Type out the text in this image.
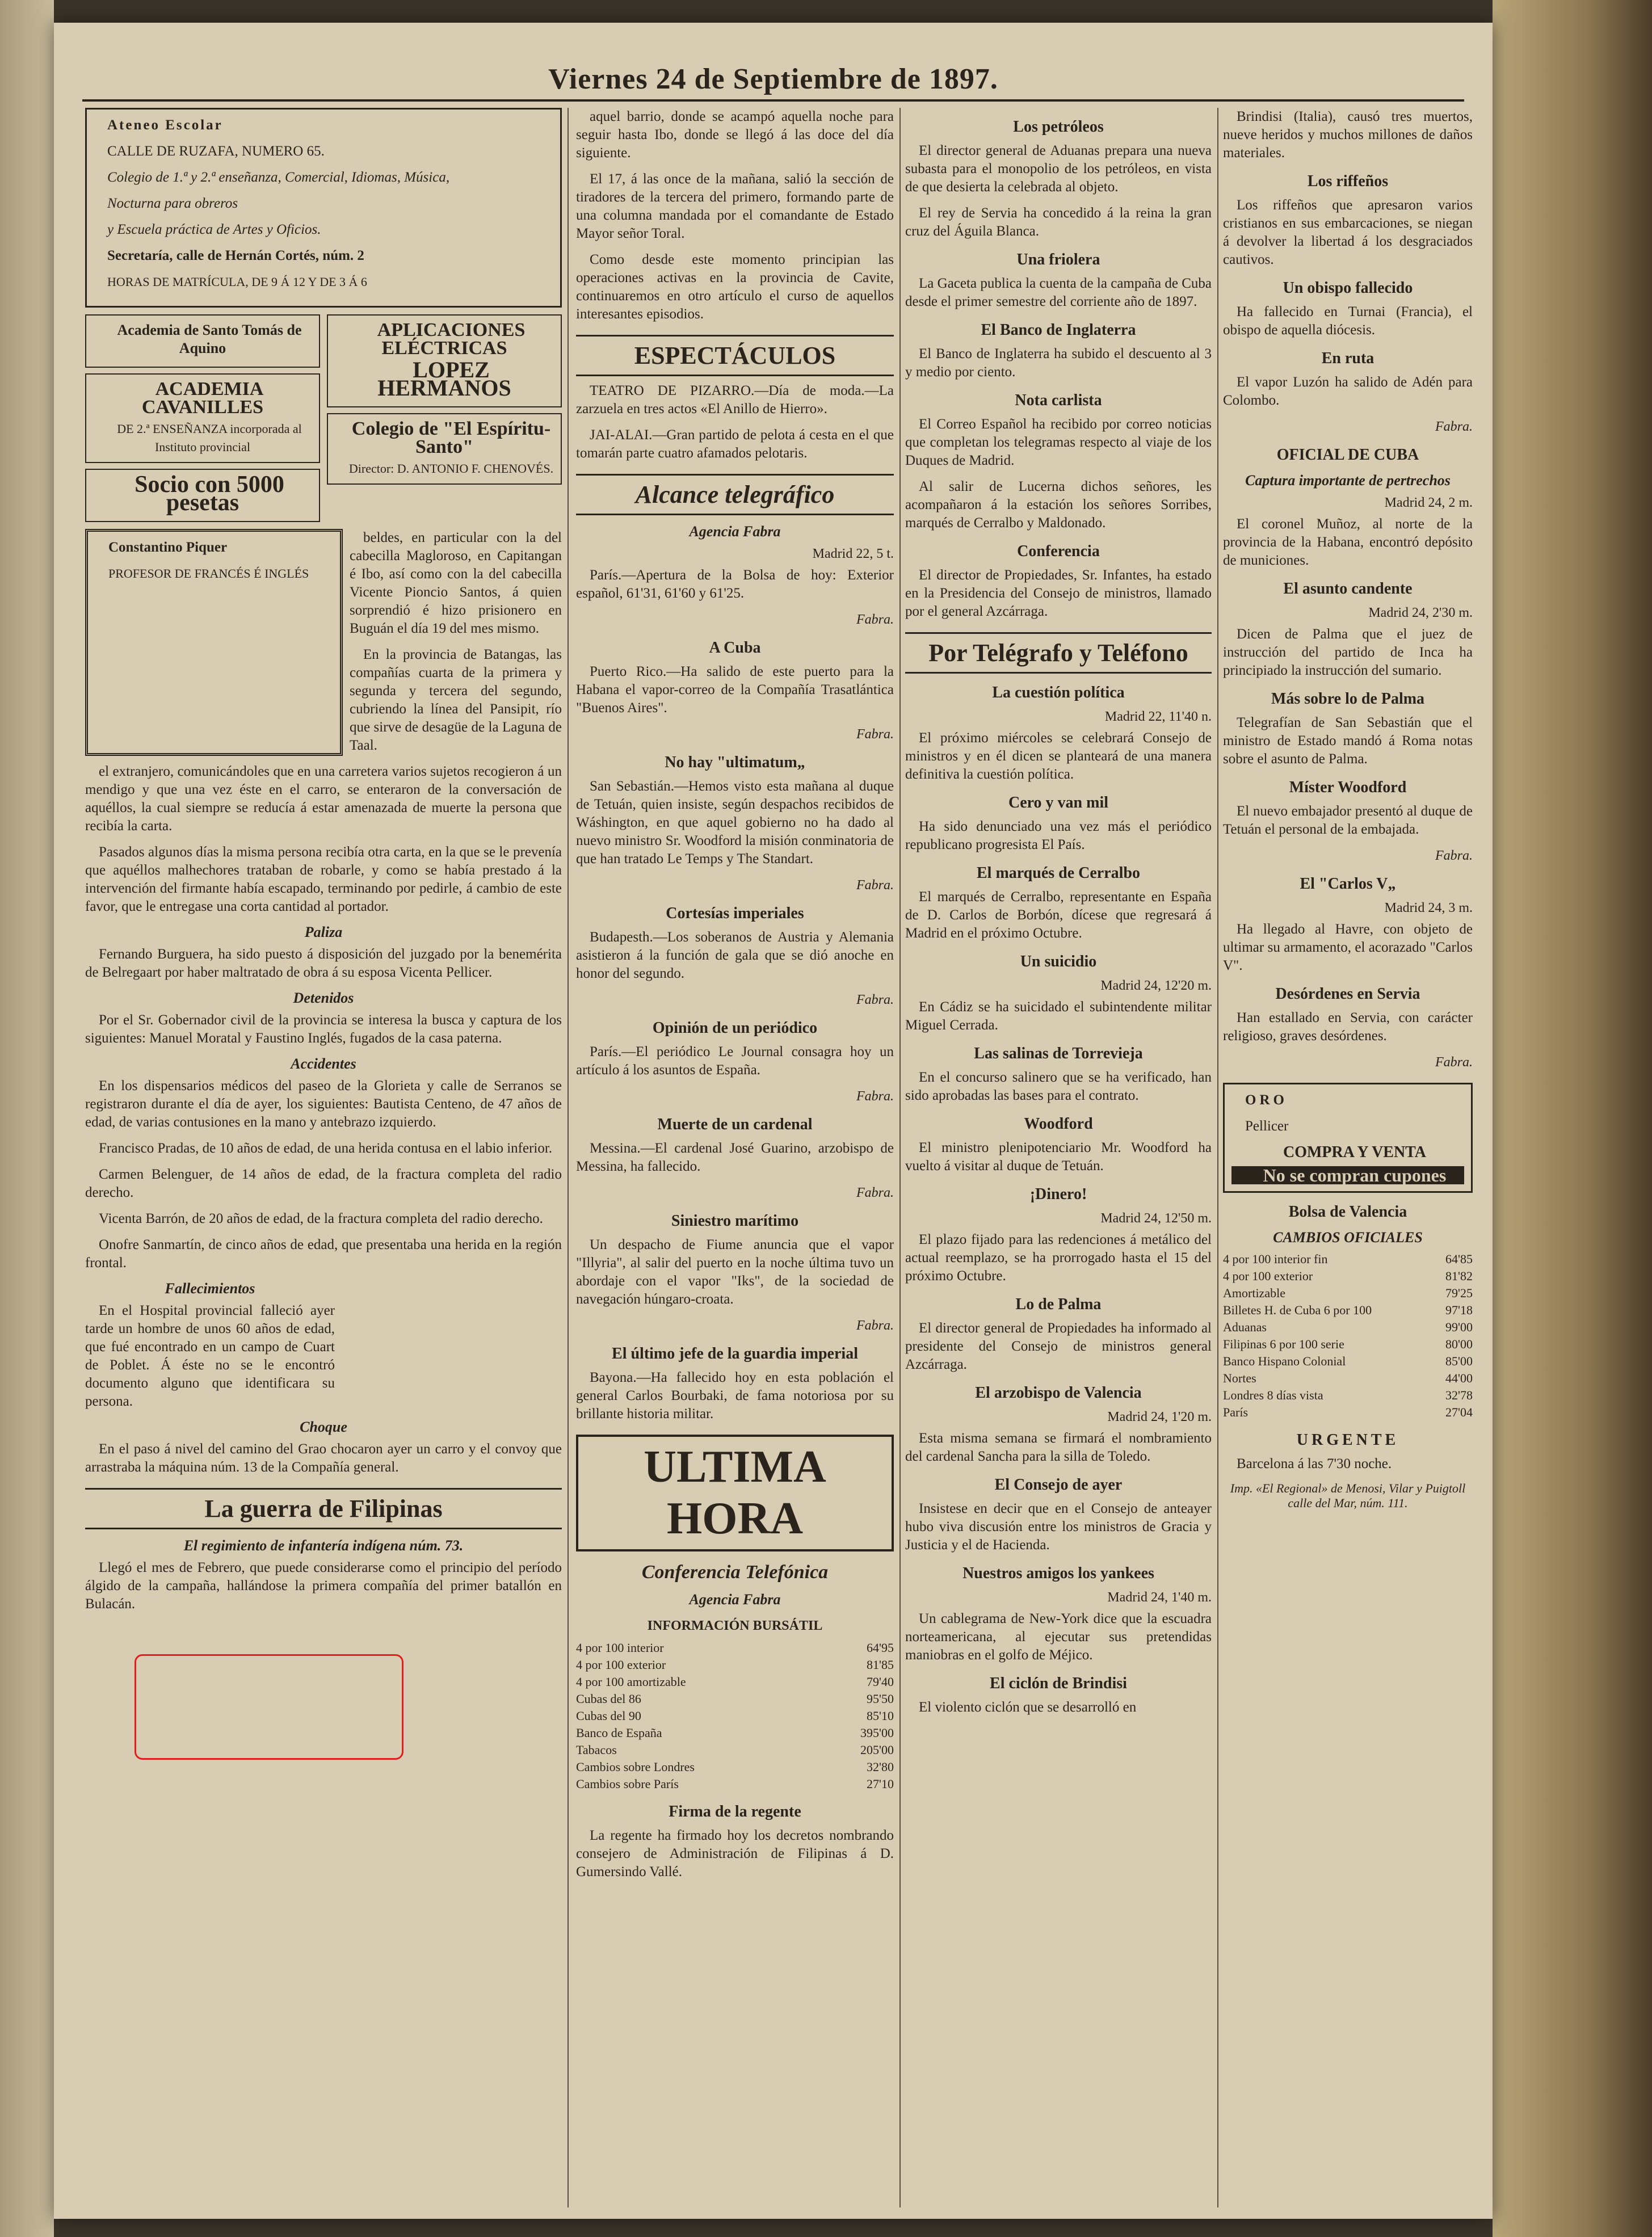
Viernes 24 de Septiembre de 1897.

Ateneo Escolar

CALLE DE RUZAFA, NUMERO 65.

Colegio de 1.ª y 2.ª enseñanza, Comercial, Idiomas, Música,

Nocturna para obreros

y Escuela práctica de Artes y Oficios.

Secretaría, calle de Hernán Cortés, núm. 2

HORAS DE MATRÍCULA, DE 9 Á 12 Y DE 3 Á 6

Academia de Santo Tomás de Aquino

ACADEMIA CAVANILLES

DE 2.ª ENSEÑANZA incorporada al Instituto provincial

Socio con 5000 pesetas

APLICACIONES ELÉCTRICAS

LOPEZ HERMANOS

Colegio de "El Espíritu-Santo"

Director: D. ANTONIO F. CHENOVÉS.

Constantino Piquer

PROFESOR DE FRANCÉS É INGLÉS

beldes, en particular con la del cabecilla Magloroso, en Capitangan é Ibo, así como con la del cabecilla Vicente Pioncio Santos, á quien sorprendió é hizo prisionero en Buguán el día 19 del mes mismo.

En la provincia de Batangas, las compañías cuarta de la primera y segunda y tercera del segundo, cubriendo la línea del Pansipit, río que sirve de desagüe de la Laguna de Taal.

el extranjero, comunicándoles que en una carretera varios sujetos recogieron á un mendigo y que una vez éste en el carro, se enteraron de la conversación de aquéllos, la cual siempre se reducía á estar amenazada de muerte la persona que recibía la carta.

Pasados algunos días la misma persona recibía otra carta, en la que se le prevenía que aquéllos malhechores trataban de robarle, y como se había prestado á la intervención del firmante había escapado, terminando por pedirle, á cambio de este favor, que le entregase una corta cantidad al portador.

Paliza

Fernando Burguera, ha sido puesto á disposición del juzgado por la benemérita de Belregaart por haber maltratado de obra á su esposa Vicenta Pellicer.

Detenidos

Por el Sr. Gobernador civil de la provincia se interesa la busca y captura de los siguientes: Manuel Moratal y Faustino Inglés, fugados de la casa paterna.

Accidentes

En los dispensarios médicos del paseo de la Glorieta y calle de Serranos se registraron durante el día de ayer, los siguientes: Bautista Centeno, de 47 años de edad, de varias contusiones en la mano y antebrazo izquierdo.

Francisco Pradas, de 10 años de edad, de una herida contusa en el labio inferior.

Carmen Belenguer, de 14 años de edad, de la fractura completa del radio derecho.

Vicenta Barrón, de 20 años de edad, de la fractura completa del radio derecho.

Onofre Sanmartín, de cinco años de edad, que presentaba una herida en la región frontal.

Fallecimientos

En el Hospital provincial falleció ayer tarde un hombre de unos 60 años de edad, que fué encontrado en un campo de Cuart de Poblet. Á éste no se le encontró documento alguno que identificara su persona.

Choque

En el paso á nivel del camino del Grao chocaron ayer un carro y el convoy que arrastraba la máquina núm. 13 de la Compañía general.

La guerra de Filipinas
El regimiento de infantería indígena núm. 73.

Llegó el mes de Febrero, que puede considerarse como el principio del período álgido de la campaña, hallándose la primera compañía del primer batallón en Bulacán.

aquel barrio, donde se acampó aquella noche para seguir hasta Ibo, donde se llegó á las doce del día siguiente.

El 17, á las once de la mañana, salió la sección de tiradores de la tercera del primero, formando parte de una columna mandada por el comandante de Estado Mayor señor Toral.

Como desde este momento principian las operaciones activas en la provincia de Cavite, continuaremos en otro artículo el curso de aquellos interesantes episodios.

ESPECTÁCULOS

TEATRO DE PIZARRO.—Día de moda.—La zarzuela en tres actos «El Anillo de Hierro».

JAI-ALAI.—Gran partido de pelota á cesta en el que tomarán parte cuatro afamados pelotaris.

Alcance telegráfico
Agencia Fabra

Madrid 22, 5 t.

París.—Apertura de la Bolsa de hoy: Exterior español, 61'31, 61'60 y 61'25.

Fabra.

A Cuba

Puerto Rico.—Ha salido de este puerto para la Habana el vapor-correo de la Compañía Trasatlántica "Buenos Aires".

Fabra.

No hay "ultimatum„

San Sebastián.—Hemos visto esta mañana al duque de Tetuán, quien insiste, según despachos recibidos de Wáshington, en que aquel gobierno no ha dado al nuevo ministro Sr. Woodford la misión conminatoria de que han tratado Le Temps y The Standart.

Fabra.

Cortesías imperiales

Budapesth.—Los soberanos de Austria y Alemania asistieron á la función de gala que se dió anoche en honor del segundo.

Fabra.

Opinión de un periódico

París.—El periódico Le Journal consagra hoy un artículo á los asuntos de España.

Fabra.

Muerte de un cardenal

Messina.—El cardenal José Guarino, arzobispo de Messina, ha fallecido.

Fabra.

Siniestro marítimo

Un despacho de Fiume anuncia que el vapor "Illyria", al salir del puerto en la noche última tuvo un abordaje con el vapor "Iks", de la sociedad de navegación húngaro-croata.

Fabra.

El último jefe de la guardia imperial

Bayona.—Ha fallecido hoy en esta población el general Carlos Bourbaki, de fama notoriosa por su brillante historia militar.

ULTIMA HORA
Conferencia Telefónica
Agencia Fabra
INFORMACIÓN BURSÁTIL
4 por 100 interior	64'95
4 por 100 exterior	81'85
4 por 100 amortizable	79'40
Cubas del 86	95'50
Cubas del 90	85'10
Banco de España	395'00
Tabacos	205'00
Cambios sobre Londres	32'80
Cambios sobre París	27'10
Firma de la regente

La regente ha firmado hoy los decretos nombrando consejero de Administración de Filipinas á D. Gumersindo Vallé.

Los petróleos

El director general de Aduanas prepara una nueva subasta para el monopolio de los petróleos, en vista de que desierta la celebrada al objeto.

El rey de Servia ha concedido á la reina la gran cruz del Águila Blanca.

Una friolera

La Gaceta publica la cuenta de la campaña de Cuba desde el primer semestre del corriente año de 1897.

El Banco de Inglaterra

El Banco de Inglaterra ha subido el descuento al 3 y medio por ciento.

Nota carlista

El Correo Español ha recibido por correo noticias que completan los telegramas respecto al viaje de los Duques de Madrid.

Al salir de Lucerna dichos señores, les acompañaron á la estación los señores Sorribes, marqués de Cerralbo y Maldonado.

Conferencia

El director de Propiedades, Sr. Infantes, ha estado en la Presidencia del Consejo de ministros, llamado por el general Azcárraga.

Por Telégrafo y Teléfono
La cuestión política

Madrid 22, 11'40 n.

El próximo miércoles se celebrará Consejo de ministros y en él dicen se planteará de una manera definitiva la cuestión política.

Cero y van mil

Ha sido denunciado una vez más el periódico republicano progresista El País.

El marqués de Cerralbo

El marqués de Cerralbo, representante en España de D. Carlos de Borbón, dícese que regresará á Madrid en el próximo Octubre.

Un suicidio

Madrid 24, 12'20 m.

En Cádiz se ha suicidado el subintendente militar Miguel Cerrada.

Las salinas de Torrevieja

En el concurso salinero que se ha verificado, han sido aprobadas las bases para el contrato.

Woodford

El ministro plenipotenciario Mr. Woodford ha vuelto á visitar al duque de Tetuán.

¡Dinero!

Madrid 24, 12'50 m.

El plazo fijado para las redenciones á metálico del actual reemplazo, se ha prorrogado hasta el 15 del próximo Octubre.

Lo de Palma

El director general de Propiedades ha informado al presidente del Consejo de ministros general Azcárraga.

El arzobispo de Valencia

Madrid 24, 1'20 m.

Esta misma semana se firmará el nombramiento del cardenal Sancha para la silla de Toledo.

El Consejo de ayer

Insistese en decir que en el Consejo de anteayer hubo viva discusión entre los ministros de Gracia y Justicia y el de Hacienda.

Nuestros amigos los yankees

Madrid 24, 1'40 m.

Un cablegrama de New-York dice que la escuadra norteamericana, al ejecutar sus pretendidas maniobras en el golfo de Méjico.

El ciclón de Brindisi

El violento ciclón que se desarrolló en

Brindisi (Italia), causó tres muertos, nueve heridos y muchos millones de daños materiales.

Los riffeños

Los riffeños que apresaron varios cristianos en sus embarcaciones, se niegan á devolver la libertad á los desgraciados cautivos.

Un obispo fallecido

Ha fallecido en Turnai (Francia), el obispo de aquella diócesis.

En ruta

El vapor Luzón ha salido de Adén para Colombo.

Fabra.

OFICIAL DE CUBA
Captura importante de pertrechos

Madrid 24, 2 m.

El coronel Muñoz, al norte de la provincia de la Habana, encontró depósito de municiones.

El asunto candente

Madrid 24, 2'30 m.

Dicen de Palma que el juez de instrucción del partido de Inca ha principiado la instrucción del sumario.

Más sobre lo de Palma

Telegrafían de San Sebastián que el ministro de Estado mandó á Roma notas sobre el asunto de Palma.

Míster Woodford

El nuevo embajador presentó al duque de Tetuán el personal de la embajada.

Fabra.

El "Carlos V„

Madrid 24, 3 m.

Ha llegado al Havre, con objeto de ultimar su armamento, el acorazado "Carlos V".

Desórdenes en Servia

Han estallado en Servia, con carácter religioso, graves desórdenes.

Fabra.

ORO

Pellicer

COMPRA Y VENTA

No se compran cupones

Bolsa de Valencia
CAMBIOS OFICIALES
4 por 100 interior fin	64'85
4 por 100 exterior	81'82
Amortizable	79'25
Billetes H. de Cuba 6 por 100	97'18
Aduanas	99'00
Filipinas 6 por 100 serie	80'00
Banco Hispano Colonial	85'00
Nortes	44'00
Londres 8 días vista	32'78
París	27'04
URGENTE

Barcelona á las 7'30 noche.

Imp. «El Regional» de Menosi, Vilar y Puigtoll calle del Mar, núm. 111.
